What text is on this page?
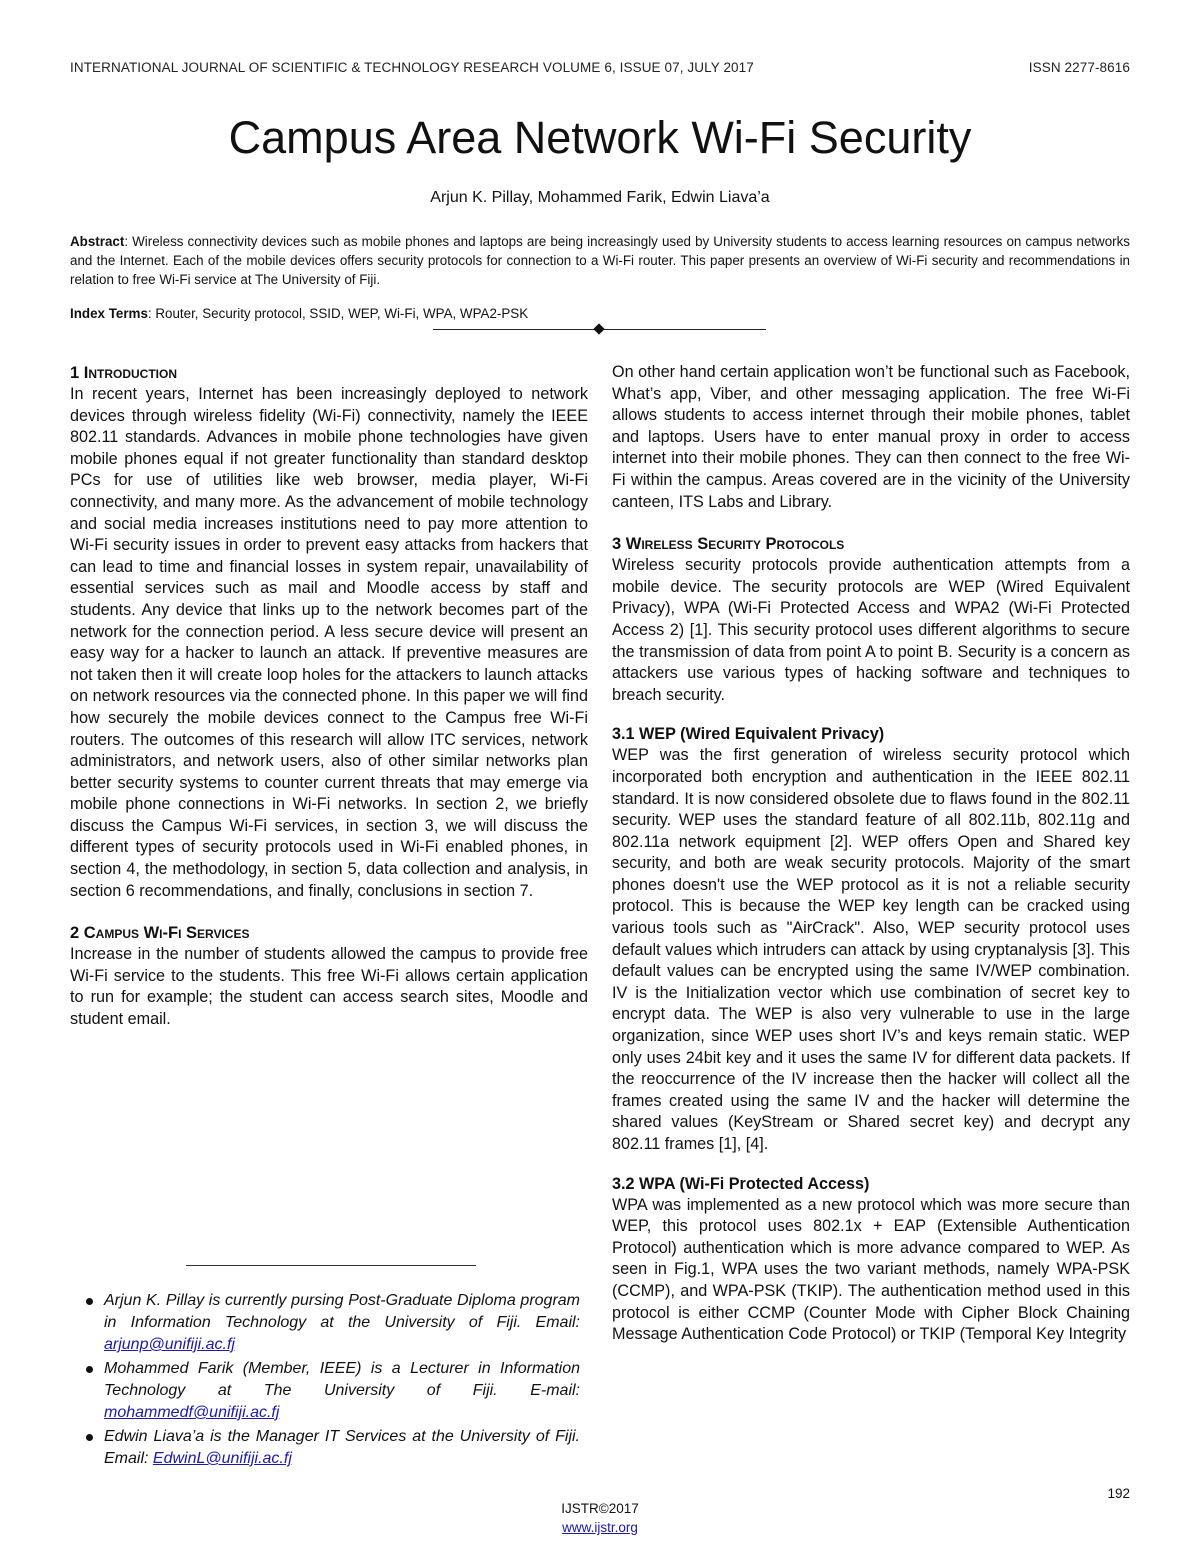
INTERNATIONAL JOURNAL OF SCIENTIFIC & TECHNOLOGY RESEARCH VOLUME 6, ISSUE 07, JULY 2017	ISSN 2277-8616
Campus Area Network Wi-Fi Security
Arjun K. Pillay, Mohammed Farik, Edwin Liava’a

Abstract: Wireless connectivity devices such as mobile phones and laptops are being increasingly used by University students to access learning resources on campus networks and the Internet. Each of the mobile devices offers security protocols for connection to a Wi-Fi router. This paper presents an overview of Wi-Fi security and recommendations in relation to free Wi-Fi service at The University of Fiji.

Index Terms: Router, Security protocol, SSID, WEP, Wi-Fi, WPA, WPA2-PSK

1 Introduction

In recent years, Internet has been increasingly deployed to network devices through wireless fidelity (Wi-Fi) connectivity, namely the IEEE 802.11 standards. Advances in mobile phone technologies have given mobile phones equal if not greater functionality than standard desktop PCs for use of utilities like web browser, media player, Wi-Fi connectivity, and many more. As the advancement of mobile technology and social media increases institutions need to pay more attention to Wi-Fi security issues in order to prevent easy attacks from hackers that can lead to time and financial losses in system repair, unavailability of essential services such as mail and Moodle access by staff and students. Any device that links up to the network becomes part of the network for the connection period. A less secure device will present an easy way for a hacker to launch an attack. If preventive measures are not taken then it will create loop holes for the attackers to launch attacks on network resources via the connected phone. In this paper we will find how securely the mobile devices connect to the Campus free Wi-Fi routers. The outcomes of this research will allow ITC services, network administrators, and network users, also of other similar networks plan better security systems to counter current threats that may emerge via mobile phone connections in Wi-Fi networks. In section 2, we briefly discuss the Campus Wi-Fi services, in section 3, we will discuss the different types of security protocols used in Wi-Fi enabled phones, in section 4, the methodology, in section 5, data collection and analysis, in section 6 recommendations, and finally, conclusions in section 7.

2 Campus Wi-Fi Services

Increase in the number of students allowed the campus to provide free Wi-Fi service to the students. This free Wi-Fi allows certain application to run for example; the student can access search sites, Moodle and student email.

On other hand certain application won’t be functional such as Facebook, What’s app, Viber, and other messaging application. The free Wi-Fi allows students to access internet through their mobile phones, tablet and laptops. Users have to enter manual proxy in order to access internet into their mobile phones. They can then connect to the free Wi-Fi within the campus. Areas covered are in the vicinity of the University canteen, ITS Labs and Library.

3 Wireless Security Protocols

Wireless security protocols provide authentication attempts from a mobile device. The security protocols are WEP (Wired Equivalent Privacy), WPA (Wi-Fi Protected Access and WPA2 (Wi-Fi Protected Access 2) [1]. This security protocol uses different algorithms to secure the transmission of data from point A to point B. Security is a concern as attackers use various types of hacking software and techniques to breach security.

3.1 WEP (Wired Equivalent Privacy)

WEP was the first generation of wireless security protocol which incorporated both encryption and authentication in the IEEE 802.11 standard. It is now considered obsolete due to flaws found in the 802.11 security. WEP uses the standard feature of all 802.11b, 802.11g and 802.11a network equipment [2]. WEP offers Open and Shared key security, and both are weak security protocols. Majority of the smart phones doesn't use the WEP protocol as it is not a reliable security protocol. This is because the WEP key length can be cracked using various tools such as "AirCrack". Also, WEP security protocol uses default values which intruders can attack by using cryptanalysis [3]. This default values can be encrypted using the same IV/WEP combination. IV is the Initialization vector which use combination of secret key to encrypt data. The WEP is also very vulnerable to use in the large organization, since WEP uses short IV’s and keys remain static. WEP only uses 24bit key and it uses the same IV for different data packets. If the reoccurrence of the IV increase then the hacker will collect all the frames created using the same IV and the hacker will determine the shared values (KeyStream or Shared secret key) and decrypt any 802.11 frames [1], [4].

3.2 WPA (Wi-Fi Protected Access)

WPA was implemented as a new protocol which was more secure than WEP, this protocol uses 802.1x + EAP (Extensible Authentication Protocol) authentication which is more advance compared to WEP. As seen in Fig.1, WPA uses the two variant methods, namely WPA-PSK (CCMP), and WPA-PSK (TKIP). The authentication method used in this protocol is either CCMP (Counter Mode with Cipher Block Chaining Message Authentication Code Protocol) or TKIP (Temporal Key Integrity

Arjun K. Pillay is currently pursing Post-Graduate Diploma program in Information Technology at the University of Fiji. Email: arjunp@unifiji.ac.fj
Mohammed Farik (Member, IEEE) is a Lecturer in Information Technology at The University of Fiji. E-mail: mohammedf@unifiji.ac.fj
Edwin Liava’a is the Manager IT Services at the University of Fiji. Email: EdwinL@unifiji.ac.fj
192
IJSTR©2017
www.ijstr.org
